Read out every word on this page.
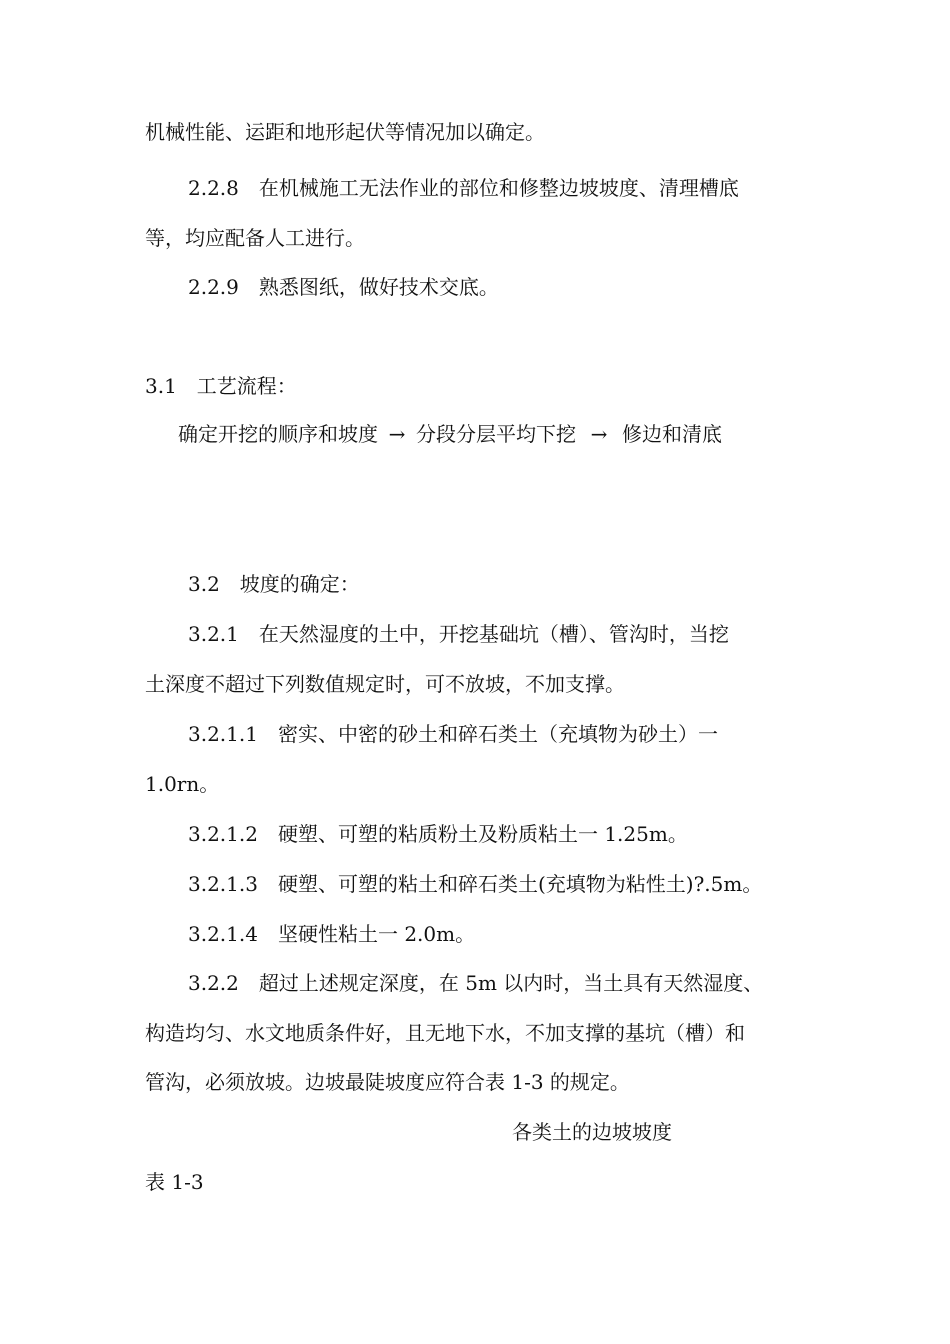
机械性能、运距和地形起伏等情况加以确定。

2.2.8　在机械施工无法作业的部位和修整边坡坡度、清理槽底

等，均应配备人工进行。

2.2.9　熟悉图纸，做好技术交底。

3.1　工艺流程：

确定开挖的顺序和坡度 → 分段分层平均下挖 → 修边和清底

3.2　坡度的确定：

3.2.1　在天然湿度的土中，开挖基础坑（槽）、管沟时，当挖

土深度不超过下列数值规定时，可不放坡，不加支撑。

3.2.1.1　密实、中密的砂土和碎石类土（充填物为砂土）一

1.0rn。

3.2.1.2　硬塑、可塑的粘质粉土及粉质粘土一 1.25m。

3.2.1.3　硬塑、可塑的粘土和碎石类土(充填物为粘性土)?.5m。

3.2.1.4　坚硬性粘土一 2.0m。

3.2.2　超过上述规定深度，在 5m 以内时，当土具有天然湿度、

构造均匀、水文地质条件好，且无地下水，不加支撑的基坑（槽）和

管沟，必须放坡。边坡最陡坡度应符合表 1-3 的规定。

各类土的边坡坡度

表 1-3
